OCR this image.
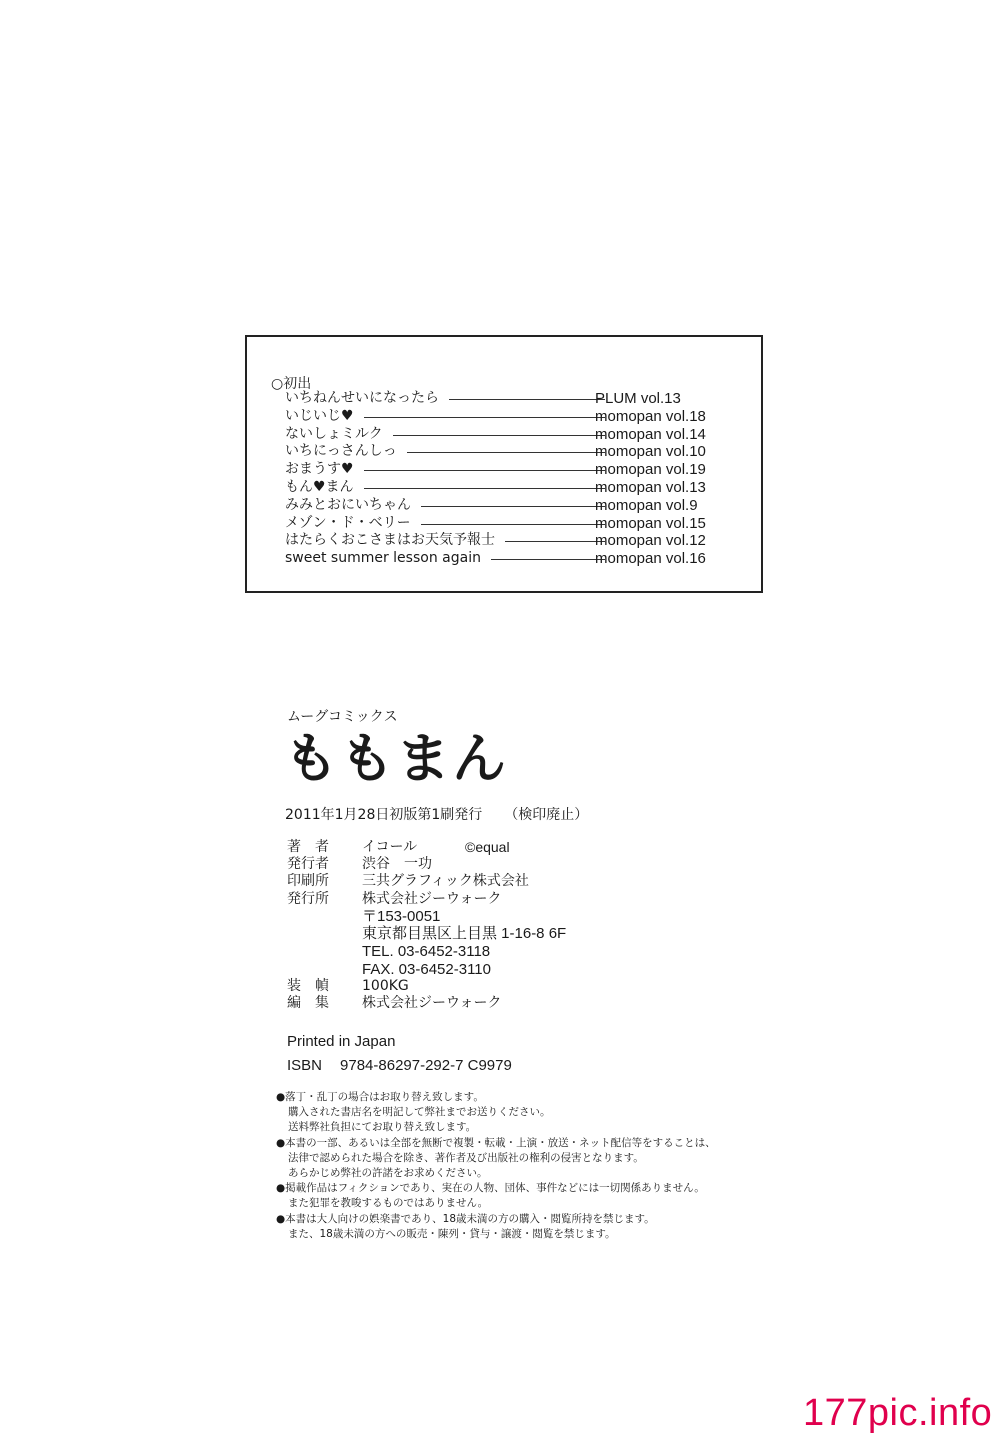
○初出
いちねんせいになったら	PLUM vol.13
いじいじ♥	momopan vol.18
ないしょミルク	momopan vol.14
いちにっさんしっ	momopan vol.10
おまうす♥	momopan vol.19
もん♥まん	momopan vol.13
みみとおにいちゃん	momopan vol.9
メゾン・ド・ベリー	momopan vol.15
はたらくおこさまはお天気予報士	momopan vol.12
sweet summer lesson again	momopan vol.16
ムーグコミックス
ももまん
2011年1月28日初版第1刷発行 （検印廃止）
著　者 イコール	©equal
発行者 渋谷　一功
印刷所 三共グラフィック株式会社
発行所 株式会社ジーウォーク
〒153-0051
東京都目黒区上目黒 1-16-8 6F
TEL. 03-6452-3118
FAX. 03-6452-3110
装　幀 100KG
編　集 株式会社ジーウォーク
Printed in Japan
ISBN 9784-86297-292-7 C9979
●落丁・乱丁の場合はお取り替え致します。
購入された書店名を明記して弊社までお送りください。
送料弊社負担にてお取り替え致します。
●本書の一部、あるいは全部を無断で複製・転載・上演・放送・ネット配信等をすることは、
法律で認められた場合を除き、著作者及び出版社の権利の侵害となります。
あらかじめ弊社の許諾をお求めください。
●掲載作品はフィクションであり、実在の人物、団体、事件などには一切関係ありません。
また犯罪を教唆するものではありません。
●本書は大人向けの娯楽書であり、18歳未満の方の購入・閲覧所持を禁じます。
また、18歳未満の方への販売・陳列・貸与・譲渡・閲覧を禁じます。
177pic.info
